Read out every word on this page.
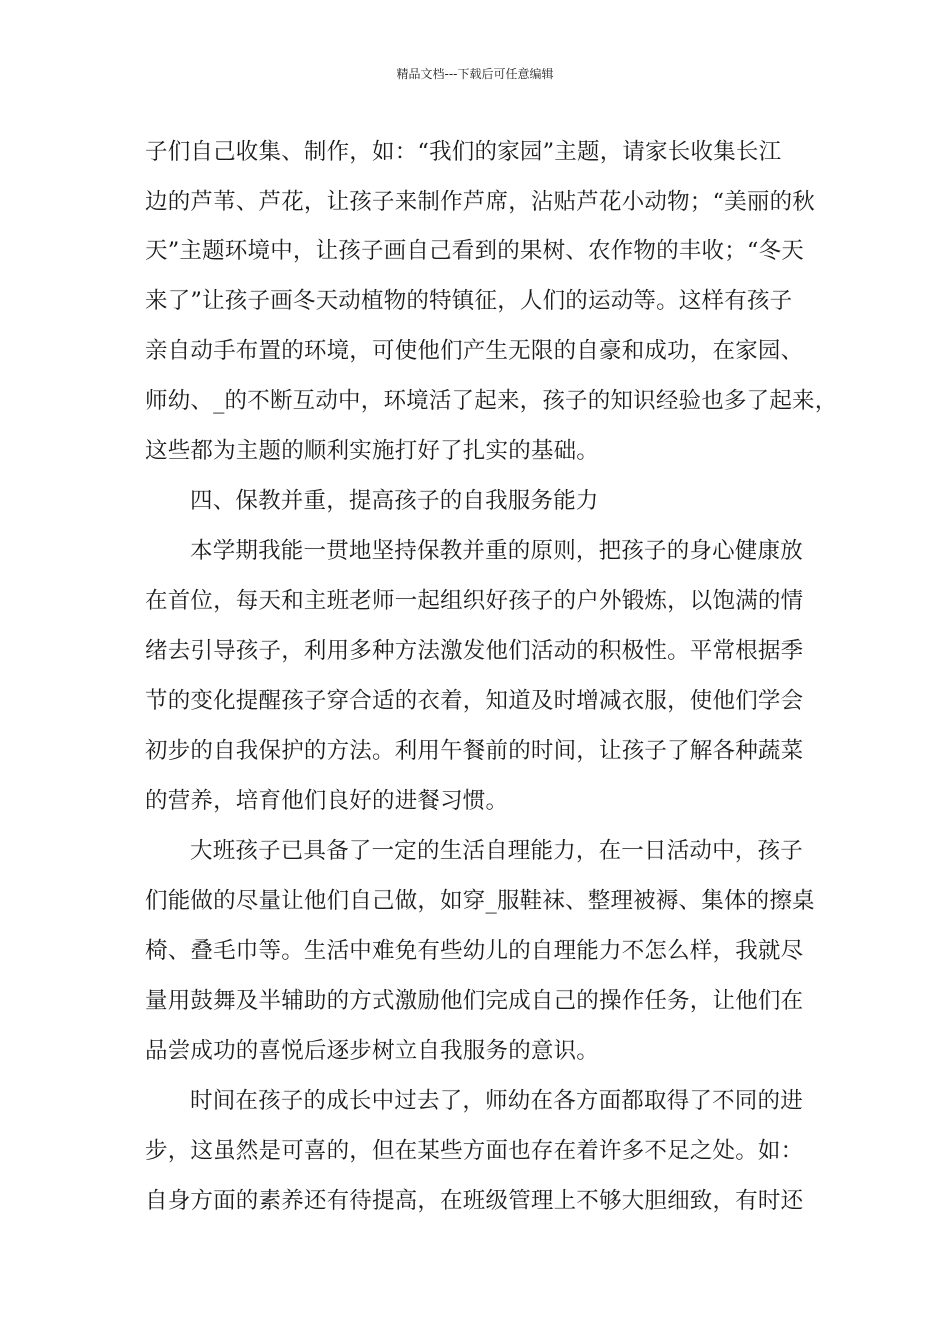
精品文档---下载后可任意编辑
子们自己收集、制作，如：“我们的家园”主题，请家长收集长江
边的芦苇、芦花，让孩子来制作芦席，沾贴芦花小动物；“美丽的秋
天”主题环境中，让孩子画自己看到的果树、农作物的丰收；“冬天
来了”让孩子画冬天动植物的特镇征，人们的运动等。这样有孩子
亲自动手布置的环境，可使他们产生无限的自豪和成功，在家园、
师幼、_的不断互动中，环境活了起来，孩子的知识经验也多了起来，
这些都为主题的顺利实施打好了扎实的基础。
四、保教并重，提高孩子的自我服务能力
本学期我能一贯地坚持保教并重的原则，把孩子的身心健康放
在首位，每天和主班老师一起组织好孩子的户外锻炼，以饱满的情
绪去引导孩子，利用多种方法激发他们活动的积极性。平常根据季
节的变化提醒孩子穿合适的衣着，知道及时增减衣服，使他们学会
初步的自我保护的方法。利用午餐前的时间，让孩子了解各种蔬菜
的营养，培育他们良好的进餐习惯。
大班孩子已具备了一定的生活自理能力，在一日活动中，孩子
们能做的尽量让他们自己做，如穿_服鞋袜、整理被褥、集体的擦桌
椅、叠毛巾等。生活中难免有些幼儿的自理能力不怎么样，我就尽
量用鼓舞及半辅助的方式激励他们完成自己的操作任务，让他们在
品尝成功的喜悦后逐步树立自我服务的意识。
时间在孩子的成长中过去了，师幼在各方面都取得了不同的进
步，这虽然是可喜的，但在某些方面也存在着许多不足之处。如：
自身方面的素养还有待提高，在班级管理上不够大胆细致，有时还
